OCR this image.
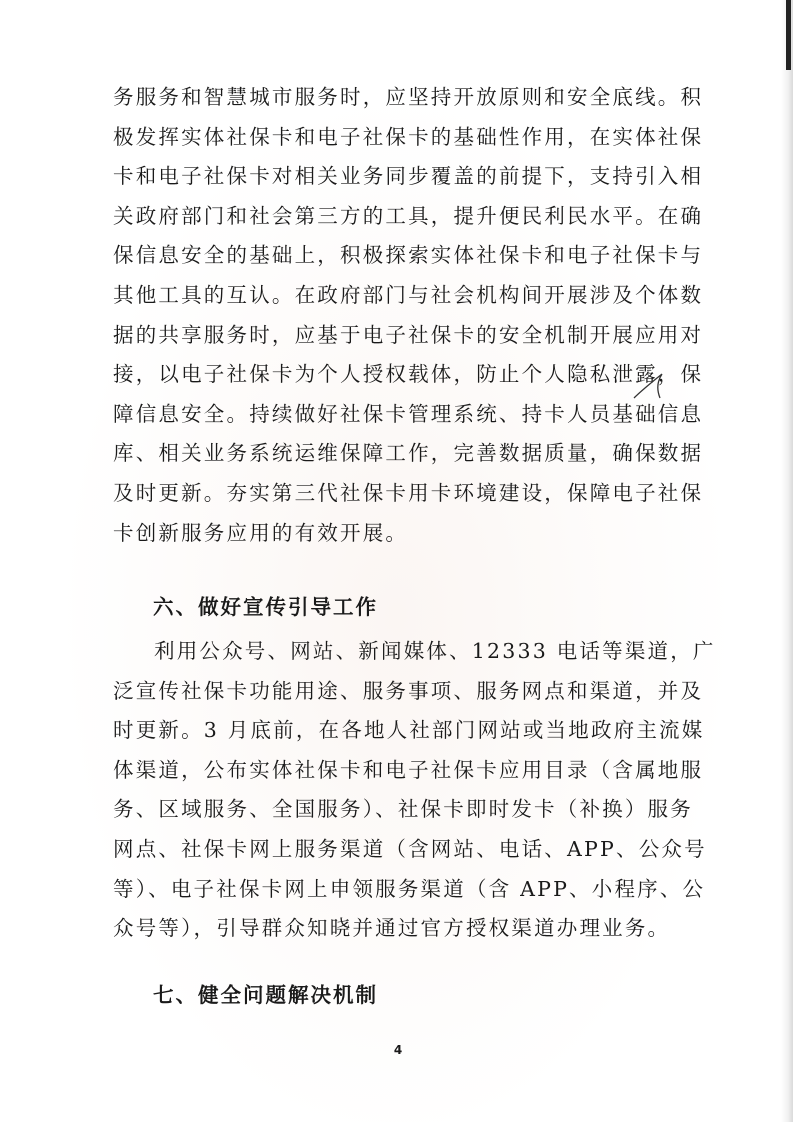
务服务和智慧城市服务时，应坚持开放原则和安全底线。积
极发挥实体社保卡和电子社保卡的基础性作用，在实体社保
卡和电子社保卡对相关业务同步覆盖的前提下，支持引入相
关政府部门和社会第三方的工具，提升便民利民水平。在确
保信息安全的基础上，积极探索实体社保卡和电子社保卡与
其他工具的互认。在政府部门与社会机构间开展涉及个体数
据的共享服务时，应基于电子社保卡的安全机制开展应用对
接，以电子社保卡为个人授权载体，防止个人隐私泄露，保
障信息安全。持续做好社保卡管理系统、持卡人员基础信息
库、相关业务系统运维保障工作，完善数据质量，确保数据
及时更新。夯实第三代社保卡用卡环境建设，保障电子社保
卡创新服务应用的有效开展。
六、做好宣传引导工作
利用公众号、网站、新闻媒体、12333 电话等渠道，广
泛宣传社保卡功能用途、服务事项、服务网点和渠道，并及
时更新。3 月底前，在各地人社部门网站或当地政府主流媒
体渠道，公布实体社保卡和电子社保卡应用目录（含属地服
务、区域服务、全国服务）、社保卡即时发卡（补换）服务
网点、社保卡网上服务渠道（含网站、电话、APP、公众号
等）、电子社保卡网上申领服务渠道（含 APP、小程序、公
众号等），引导群众知晓并通过官方授权渠道办理业务。
七、健全问题解决机制
4
